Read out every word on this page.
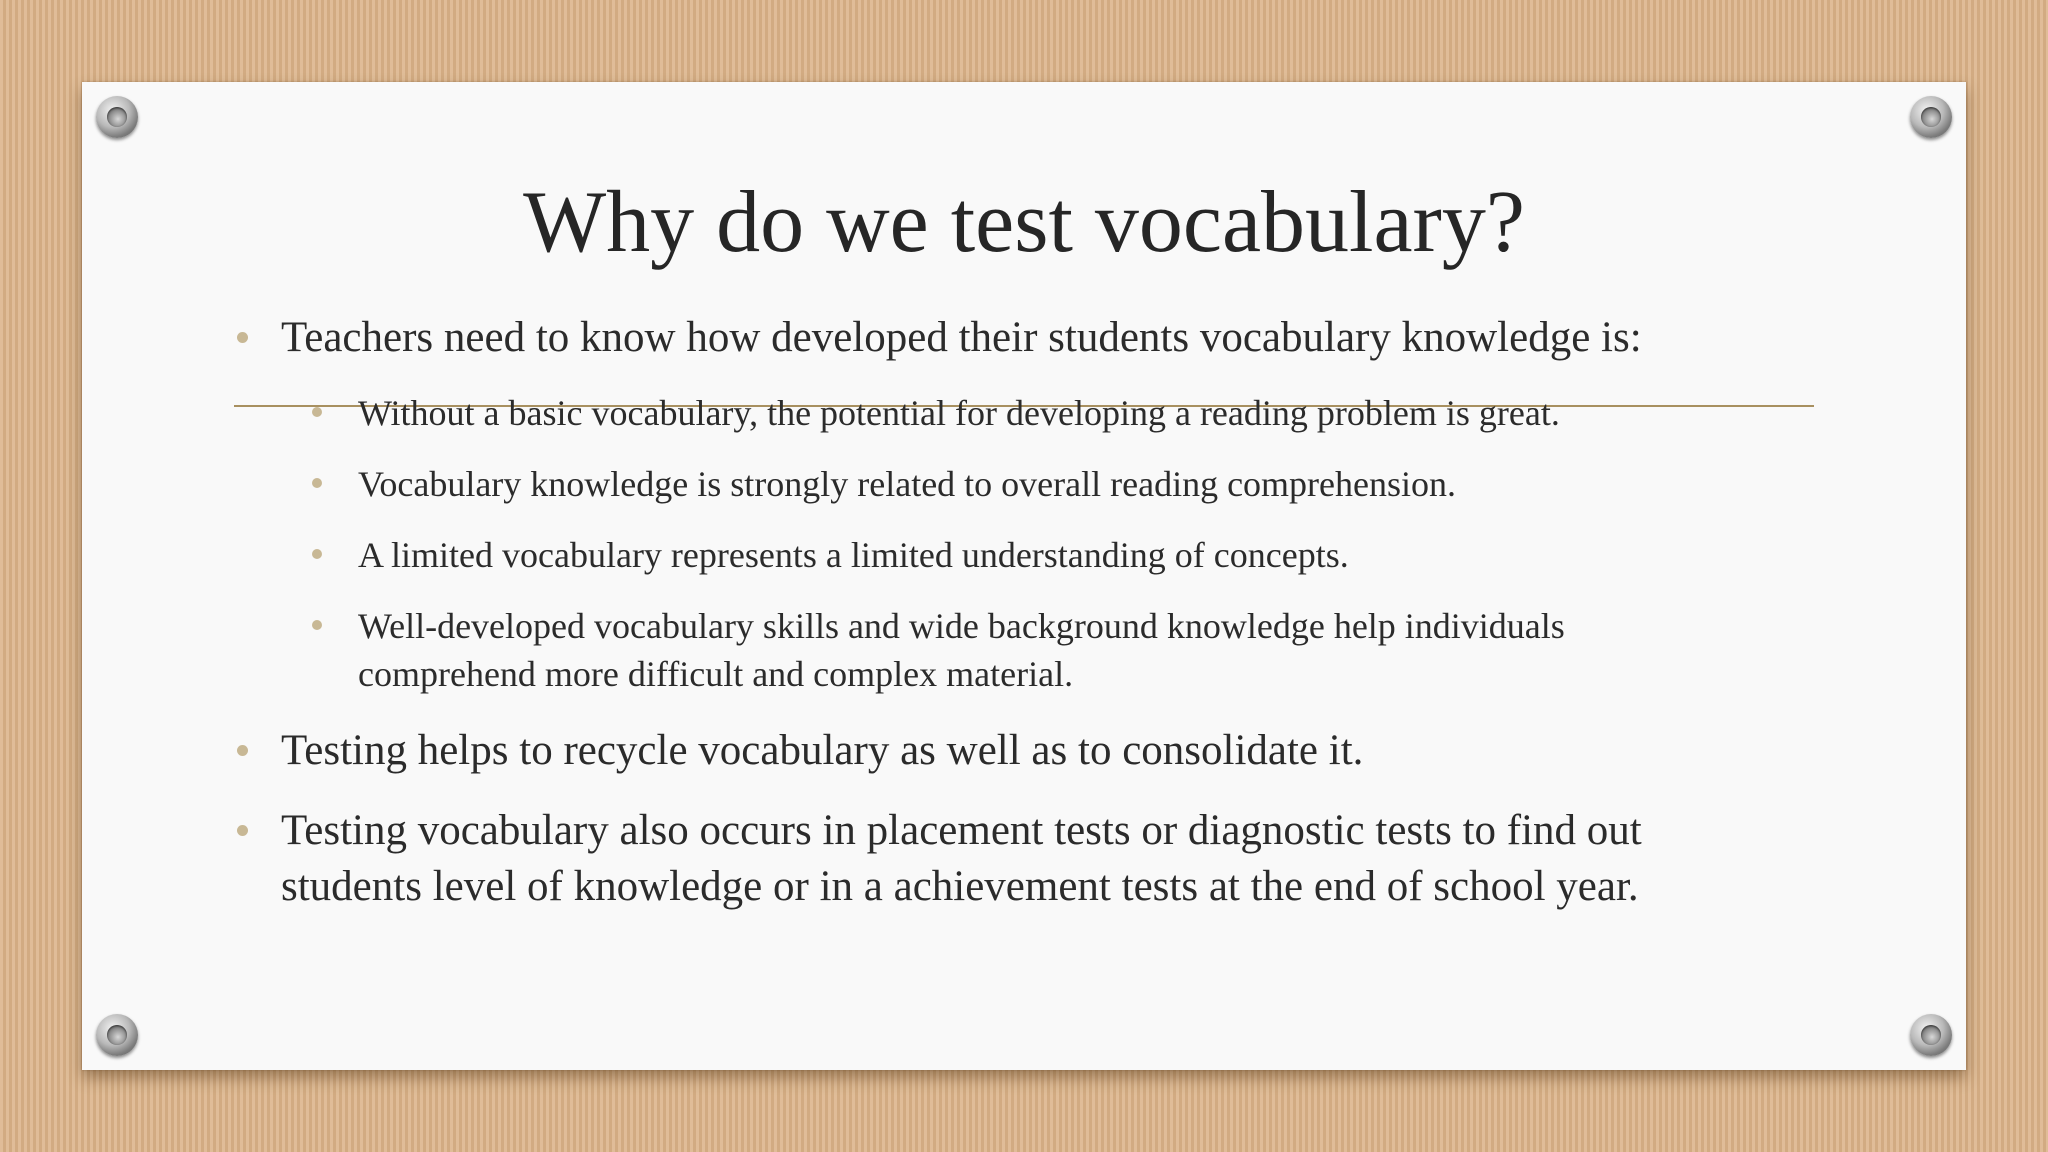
Why do we test vocabulary?
Teachers need to know how developed their students vocabulary knowledge is:
Without a basic vocabulary, the potential for developing a reading problem is great.
Vocabulary knowledge is strongly related to overall reading comprehension.
A limited vocabulary represents a limited understanding of concepts.
Well-developed vocabulary skills and wide background knowledge help individuals comprehend more difficult and complex material.
Testing helps to recycle vocabulary as well as to consolidate it.
Testing vocabulary also occurs in placement tests or diagnostic tests to find out students level of knowledge or in a achievement tests at the end of school year.
